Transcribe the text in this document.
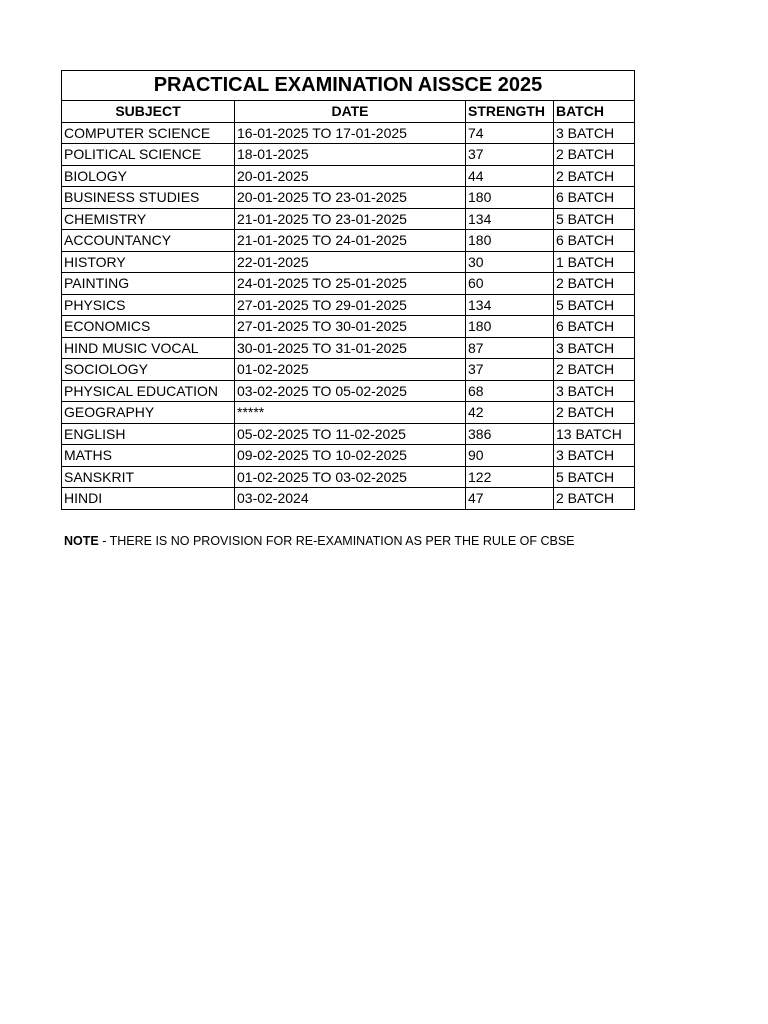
PRACTICAL EXAMINATION AISSCE 2025			
SUBJECT	DATE	STRENGTH	BATCH
COMPUTER SCIENCE	16-01-2025 TO 17-01-2025	74	3 BATCH
POLITICAL SCIENCE	18-01-2025	37	2 BATCH
BIOLOGY	20-01-2025	44	2 BATCH
BUSINESS STUDIES	20-01-2025 TO 23-01-2025	180	6 BATCH
CHEMISTRY	21-01-2025 TO 23-01-2025	134	5 BATCH
ACCOUNTANCY	21-01-2025 TO 24-01-2025	180	6 BATCH
HISTORY	22-01-2025	30	1 BATCH
PAINTING	24-01-2025 TO 25-01-2025	60	2 BATCH
PHYSICS	27-01-2025 TO 29-01-2025	134	5 BATCH
ECONOMICS	27-01-2025 TO 30-01-2025	180	6 BATCH
HIND MUSIC VOCAL	30-01-2025 TO 31-01-2025	87	3 BATCH
SOCIOLOGY	01-02-2025	37	2 BATCH
PHYSICAL EDUCATION	03-02-2025 TO 05-02-2025	68	3 BATCH
GEOGRAPHY	*****	42	2 BATCH
ENGLISH	05-02-2025 TO 11-02-2025	386	13 BATCH
MATHS	09-02-2025 TO 10-02-2025	90	3 BATCH
SANSKRIT	01-02-2025 TO 03-02-2025	122	5 BATCH
HINDI	03-02-2024	47	2 BATCH
NOTE - THERE IS NO PROVISION FOR RE-EXAMINATION AS PER THE RULE OF CBSE
